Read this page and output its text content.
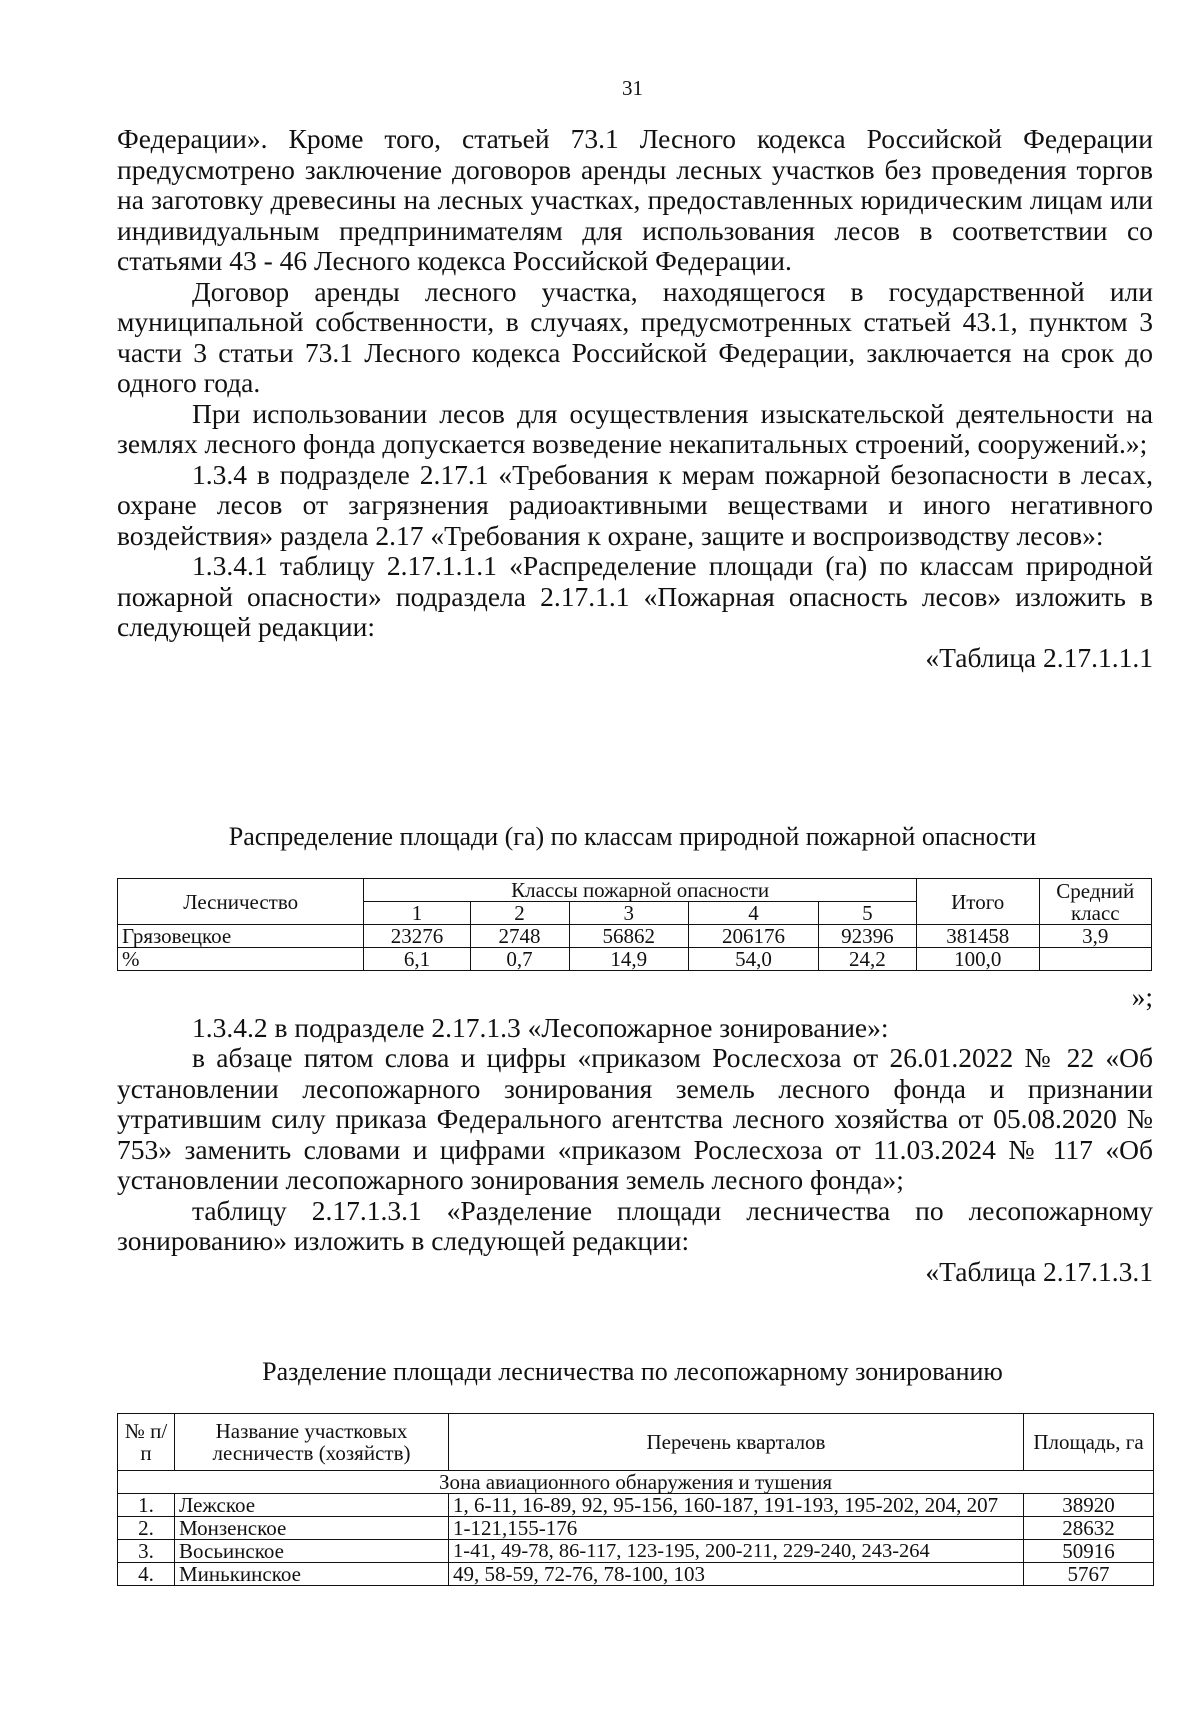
31

Федерации». Кроме того, статьей 73.1 Лесного кодекса Российской Федерации предусмотрено заключение договоров аренды лесных участков без проведения торгов на заготовку древесины на лесных участках, предоставленных юридическим лицам или индивидуальным предпринимателям для использования лесов в соответствии со статьями 43 - 46 Лесного кодекса Российской Федерации.

Договор аренды лесного участка, находящегося в государственной или муниципальной собственности, в случаях, предусмотренных статьей 43.1, пунктом 3 части 3 статьи 73.1 Лесного кодекса Российской Федерации, заключается на срок до одного года.

При использовании лесов для осуществления изыскательской деятельности на землях лесного фонда допускается возведение некапитальных строений, сооружений.»;

1.3.4 в подразделе 2.17.1 «Требования к мерам пожарной безопасности в лесах, охране лесов от загрязнения радиоактивными веществами и иного негативного воздействия» раздела 2.17 «Требования к охране, защите и воспроизводству лесов»:

1.3.4.1 таблицу 2.17.1.1.1 «Распределение площади (га) по классам природной пожарной опасности» подраздела 2.17.1.1 «Пожарная опасность лесов» изложить в следующей редакции:

«Таблица 2.17.1.1.1

Распределение площади (га) по классам природной пожарной опасности
Лесничество	Классы пожарной опасности					Итого	Средний класс
	1	2	3	4	5		
Грязовецкое	23276	2748	56862	206176	92396	381458	3,9
%	6,1	0,7	14,9	54,0	24,2	100,0	

»;

1.3.4.2 в подразделе 2.17.1.3 «Лесопожарное зонирование»:

в абзаце пятом слова и цифры «приказом Рослесхоза от 26.01.2022 № 22 «Об установлении лесопожарного зонирования земель лесного фонда и признании утратившим силу приказа Федерального агентства лесного хозяйства от 05.08.2020 № 753» заменить словами и цифрами «приказом Рослесхоза от 11.03.2024 № 117 «Об установлении лесопожарного зонирования земель лесного фонда»;

таблицу 2.17.1.3.1 «Разделение площади лесничества по лесопожарному зонированию» изложить в следующей редакции:

«Таблица 2.17.1.3.1

Разделение площади лесничества по лесопожарному зонированию
№ п/п	Название участковых лесничеств (хозяйств)	Перечень кварталов	Площадь, га
Зона авиационного обнаружения и тушения			
1.	Лежское	1, 6-11, 16-89, 92, 95-156, 160-187, 191-193, 195-202, 204, 207	38920
2.	Монзенское	1-121,155-176	28632
3.	Восьинское	1-41, 49-78, 86-117, 123-195, 200-211, 229-240, 243-264	50916
4.	Минькинское	49, 58-59, 72-76, 78-100, 103	5767
